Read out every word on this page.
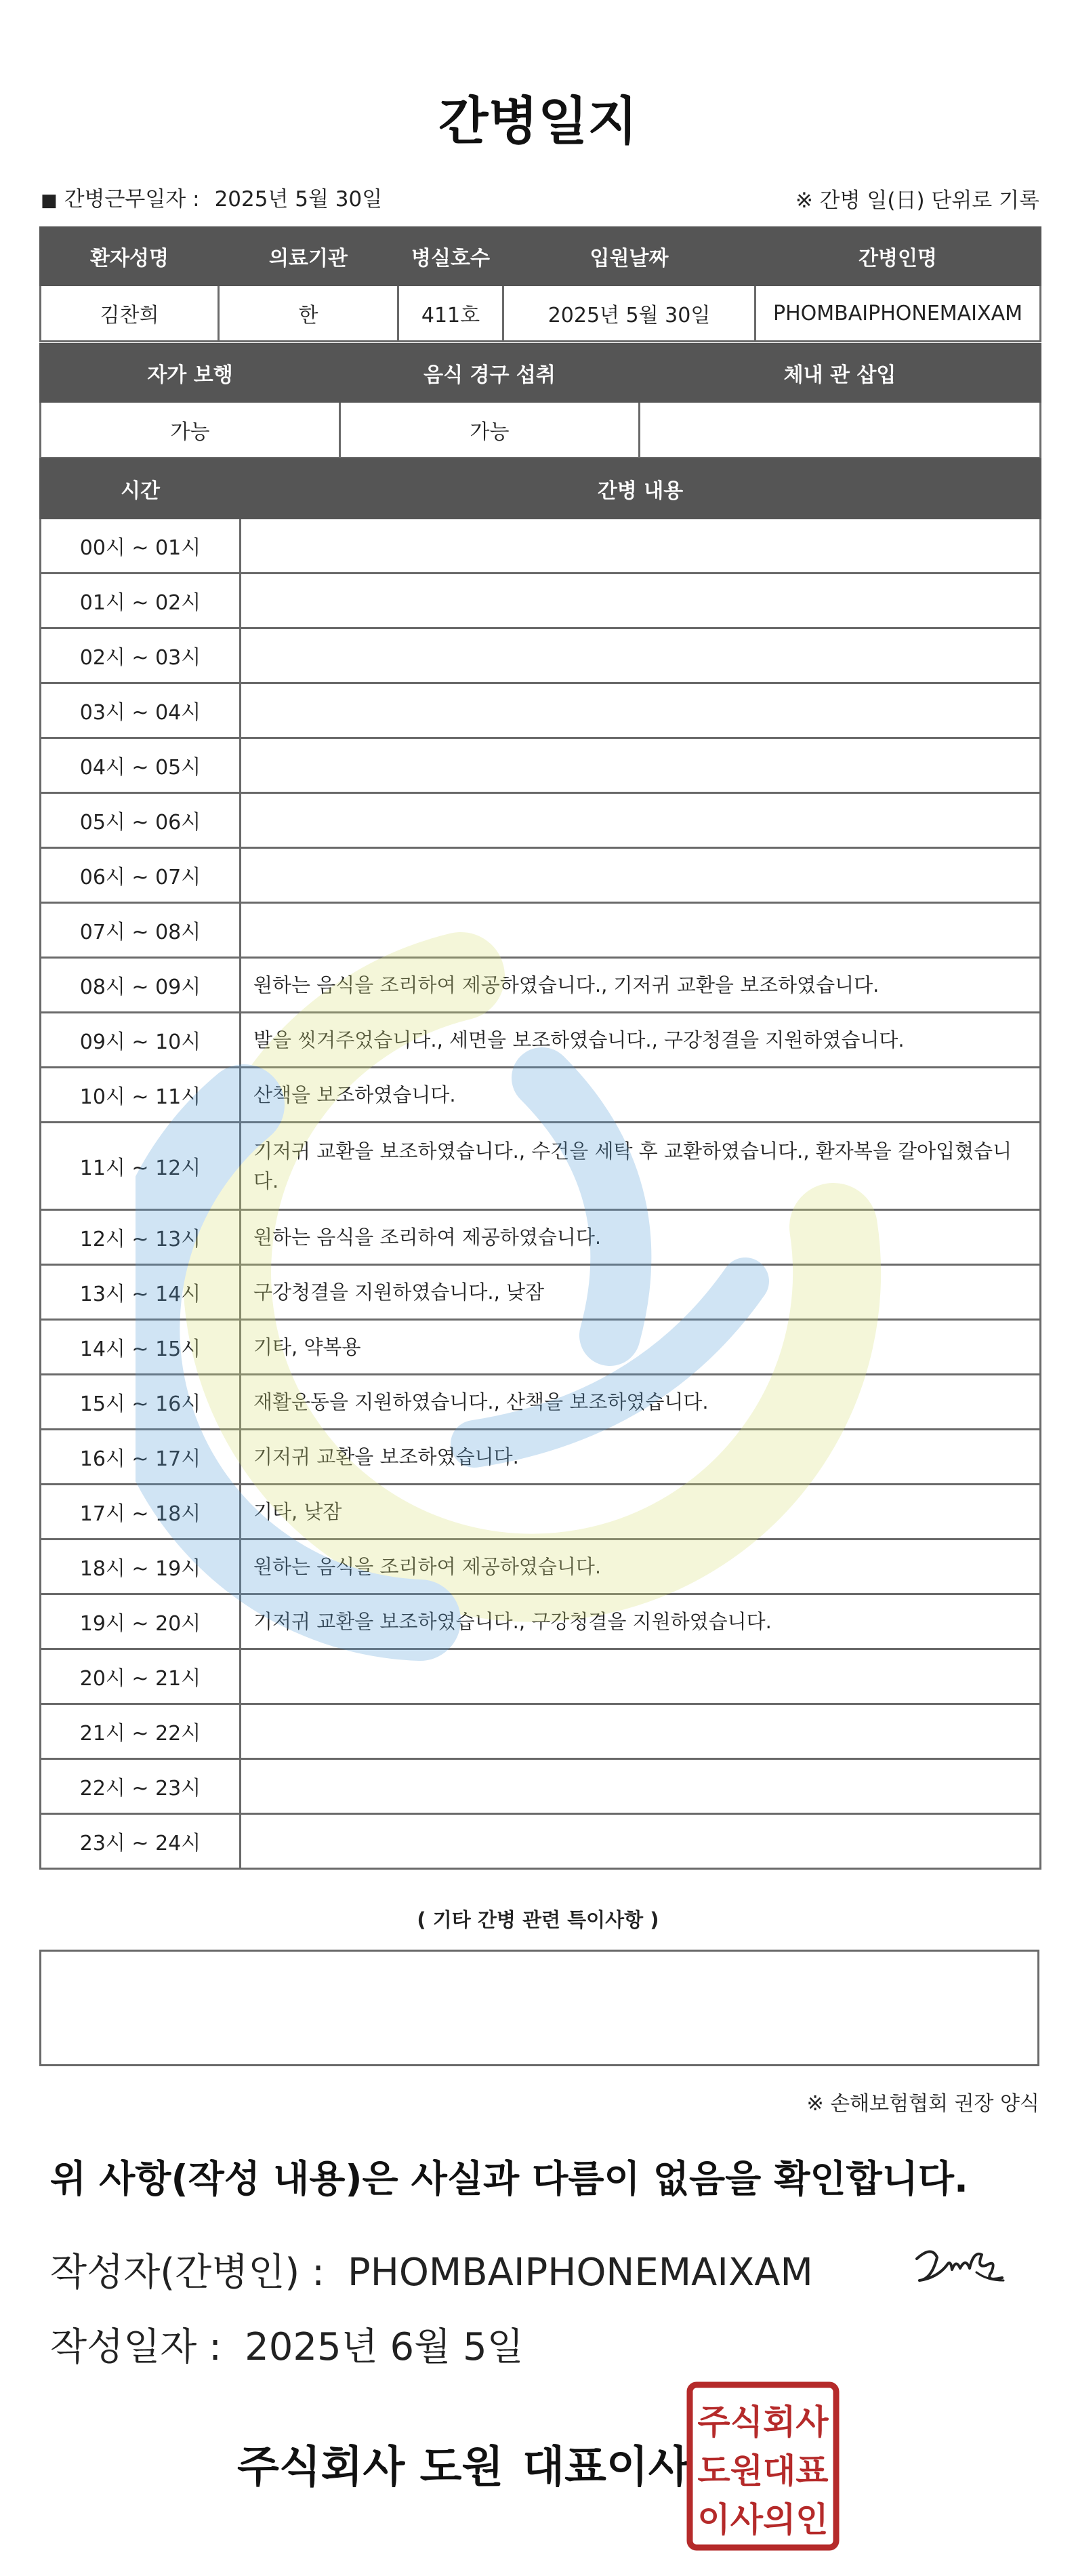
간병일지
■ 간병근무일자 : 2025년 5월 30일	※ 간병 일(日) 단위로 기록
환자성명	의료기관	병실호수	입원날짜	간병인명
김찬희	한	411호	2025년 5월 30일	PHOMBAIPHONEMAIXAM
자가 보행	음식 경구 섭취	체내 관 삽입
가능	가능	
시간	간병 내용
00시 ~ 01시	
01시 ~ 02시	
02시 ~ 03시	
03시 ~ 04시	
04시 ~ 05시	
05시 ~ 06시	
06시 ~ 07시	
07시 ~ 08시	
08시 ~ 09시	원하는 음식을 조리하여 제공하였습니다., 기저귀 교환을 보조하였습니다.
09시 ~ 10시	발을 씻겨주었습니다., 세면을 보조하였습니다., 구강청결을 지원하였습니다.
10시 ~ 11시	산책을 보조하였습니다.
11시 ~ 12시	기저귀 교환을 보조하였습니다., 수건을 세탁 후 교환하였습니다., 환자복을 갈아입혔습니다.
12시 ~ 13시	원하는 음식을 조리하여 제공하였습니다.
13시 ~ 14시	구강청결을 지원하였습니다., 낮잠
14시 ~ 15시	기타, 약복용
15시 ~ 16시	재활운동을 지원하였습니다., 산책을 보조하였습니다.
16시 ~ 17시	기저귀 교환을 보조하였습니다.
17시 ~ 18시	기타, 낮잠
18시 ~ 19시	원하는 음식을 조리하여 제공하였습니다.
19시 ~ 20시	기저귀 교환을 보조하였습니다., 구강청결을 지원하였습니다.
20시 ~ 21시	
21시 ~ 22시	
22시 ~ 23시	
23시 ~ 24시	
( 기타 간병 관련 특이사항 )
※ 손해보험협회 권장 양식
위 사항(작성 내용)은 사실과 다름이 없음을 확인합니다.
작성자(간병인) : PHOMBAIPHONEMAIXAM
작성일자 : 2025년 6월 5일
주식회사 도원 대표이사
주식회사
도원대표
이사의인
